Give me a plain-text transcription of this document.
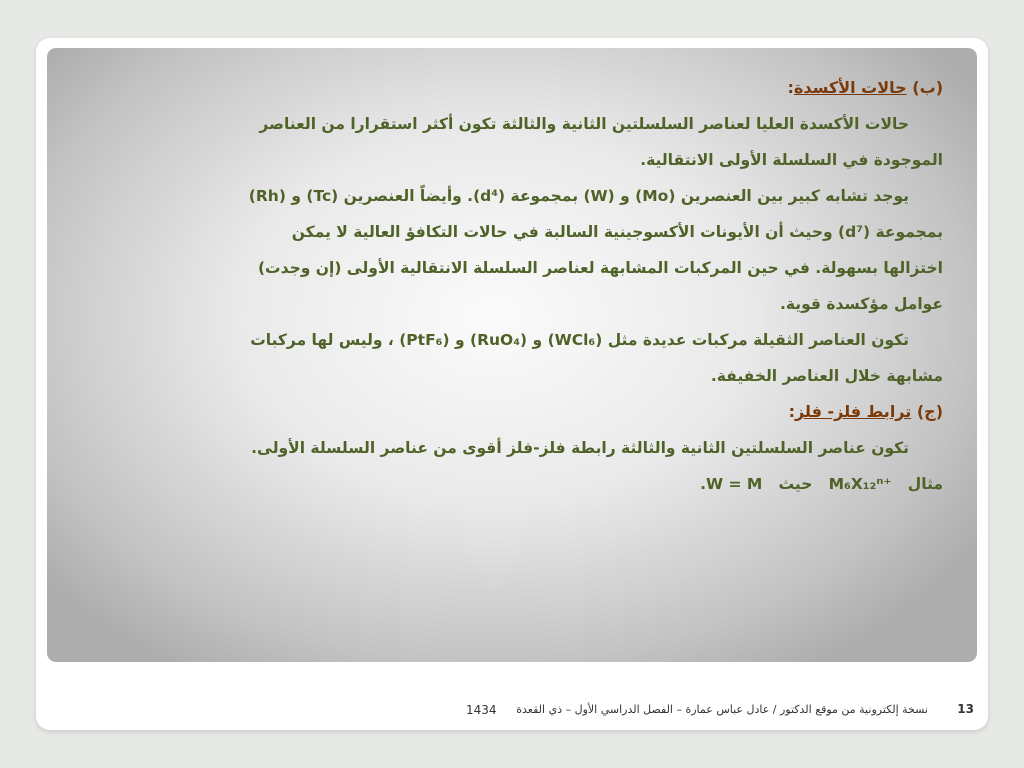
(ب) حالات الأكسدة:
حالات الأكسدة العليا لعناصر السلسلتين الثانية والثالثة تكون أكثر استقرارا من العناصر
الموجودة في السلسلة الأولى الانتقالية.
يوجد تشابه كبير بين العنصرين (Mo) و (W) بمجموعة (d⁴). وأيضاً العنصرين (Tc) و (Rh)
بمجموعة (d⁷) وحيث أن الأيونات الأكسوجينية السالبة في حالات التكافؤ العالية لا يمكن
اختزالها بسهولة. في حين المركبات المشابهة لعناصر السلسلة الانتقالية الأولى (إن وجدت)
عوامل مؤكسدة قوية.
تكون العناصر الثقيلة مركبات عديدة مثل (WCl₆) و (RuO₄) و (PtF₆) ، وليس لها مركبات
مشابهة خلال العناصر الخفيفة.
(ج) ترابط فلز- فلز:
تكون عناصر السلسلتين الثانية والثالثة رابطة فلز-فلز أقوى من عناصر السلسلة الأولى.
مثال   M₆X₁₂ⁿ⁺   حيث   W = M.
13
نسخة إلكترونية من موقع الدكتور / عادل عباس عمارة – الفصل الدراسي الأول – ذي القعدة
1434
